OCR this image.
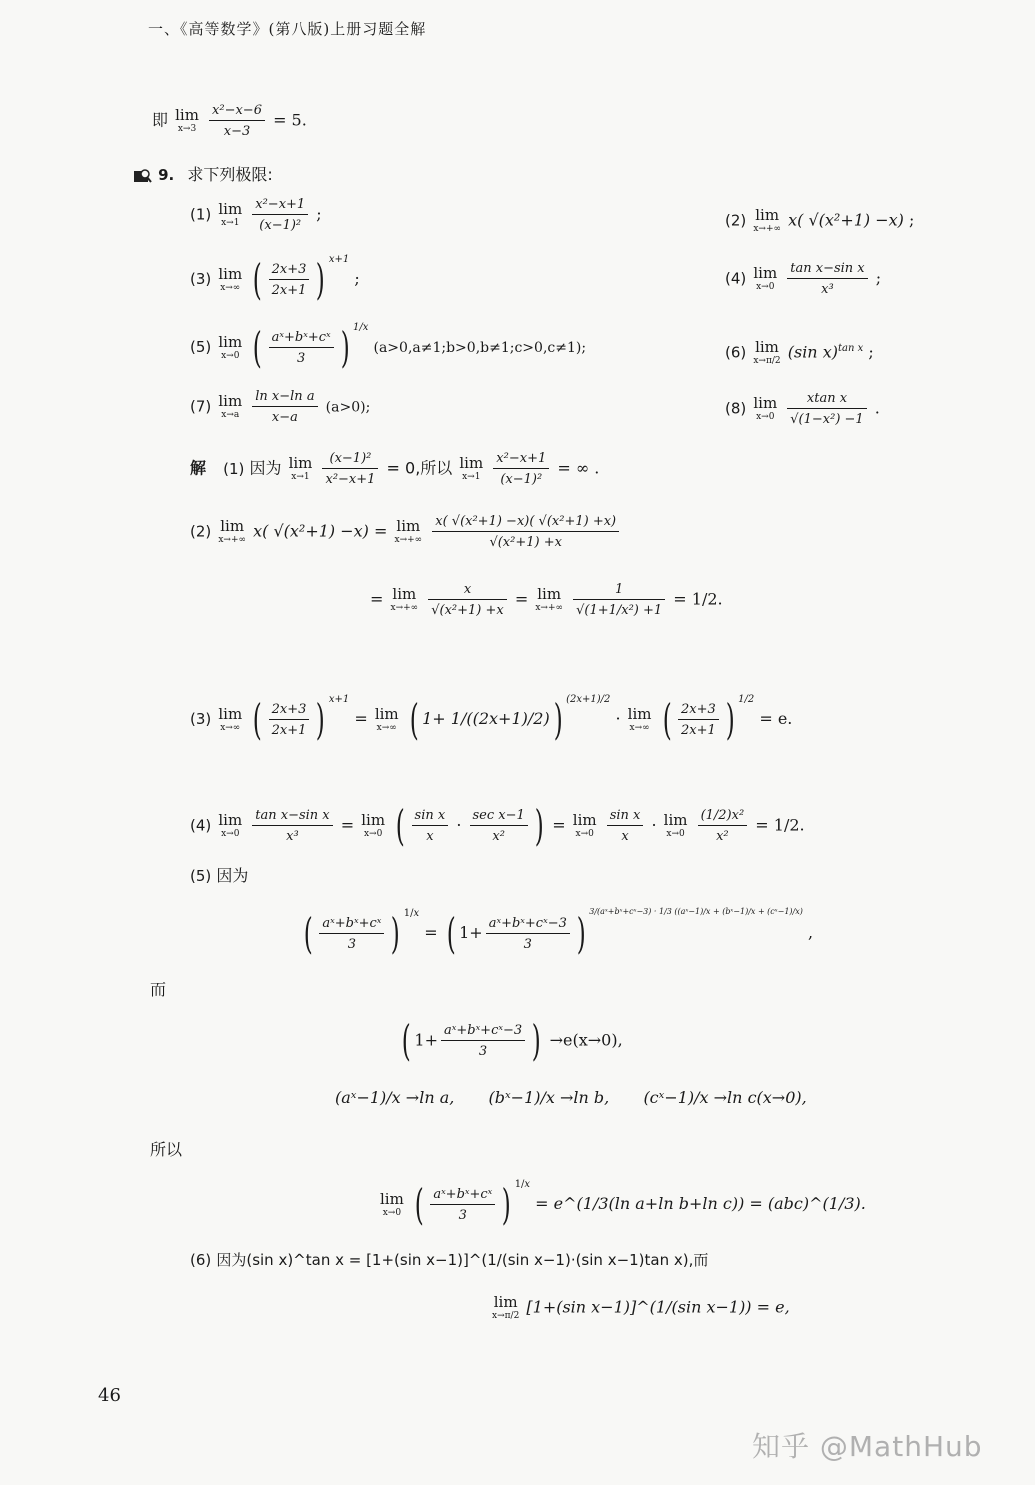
一、《高等数学》(第八版)上册习题全解
即 lim
x→3
$\frac{\text{x²−x−6}}{x-3} = 5$.
9. 求下列极限:
(1) lim
x→1
$\frac{\text{x²−x+1}}{\text{(x−1)²}}$ ;	(2) lim
x→+∞ x( √(x²+1) −x) ;
(3) lim
x→∞ ( $\frac{2x+3}{2x+1}$ ) $^{x+1}$ ;	(4) lim
x→0
$\frac{\text{tan x−sin x}}{\text{x³}}$ ;
(5) lim
x→0 ( $\frac{\text{aˣ+bˣ+cˣ}}{3}$ ) $^{1/x}$ (a>0,a≠1;b>0,b≠1;c>0,c≠1);	(6) lim
x→π/2 (sin x)$^{tan x}$ ;
(7) lim
x→a
$\frac{\text{ln x−ln a}}{x-a} (a>0)$;	(8) lim
x→0
$\frac{\text{xtan x}}{\text{√(1−x²) −1}}$ .
解 (1) 因为 lim
x→1
$\frac{\text{(x−1)²}}{\text{x²−x+1}} = 0$,所以 lim
x→1
$\frac{\text{x²−x+1}}{\text{(x−1)²}}$ = ∞ .
(2) lim
x→+∞ x( √(x²+1) −x) = lim
x→+∞
$\frac{\text{x( √(x²+1) −x)( √(x²+1) +x)}}{\text{√(x²+1) +x}}$
= lim
x→+∞
$\frac{x}{\text{√(x²+1) +x}} = \lim$
x→+∞
$\frac{1}{\text{√(1+1/x²) +1}} = 1/2$.
(3) lim
x→∞ ( $\frac{2x+3}{2x+1}$ ) $^{x+1}$ = lim
x→∞ ( 1+ 1/((2x+1)/2)) $^{(2x+1)/2}$ · lim
x→∞ ( $\frac{2x+3}{2x+1}$ ) $^{1/2}$ = e.
(4) lim
x→0
$\frac{\text{tan x−sin x}}{\text{x³}} = \lim$
x→0 ( $\frac{\text{sin x}}{x} \cdot \frac{\text{sec x−1}}{\text{x²}}$ ) = lim
x→0
$\frac{\text{sin x}}{x} \cdot \lim$
x→0
$\frac{\text{(1/2)x²}}{\text{x²}} = 1/2$.
(5) 因为
( $\frac{\text{aˣ+bˣ+cˣ}}{3}$ ) $^{1/x}$ = ( $1+ \frac{\text{aˣ+bˣ+cˣ−3}}{3}$ ) $^{3/(aˣ+bˣ+cˣ-3) \cdot 1/3 ((aˣ-1)/x + (bˣ-1)/x + (cˣ-1)/x)}$ ,
而
( $1+ \frac{\text{aˣ+bˣ+cˣ−3}}{3}$ ) →e(x→0),
(aˣ−1)/x →ln a, (bˣ−1)/x →ln b, (cˣ−1)/x →ln c(x→0),
所以
lim
x→0 ( $\frac{\text{aˣ+bˣ+cˣ}}{3}$ ) $^{1/x}$ = e^(1/3(ln a+ln b+ln c)) = (abc)^(1/3).
(6) 因为(sin x)^tan x = [1+(sin x−1)]^(1/(sin x−1)·(sin x−1)tan x),而
lim
x→π/2 [1+(sin x−1)]^(1/(sin x−1)) = e,
46
知乎 @MathHub
